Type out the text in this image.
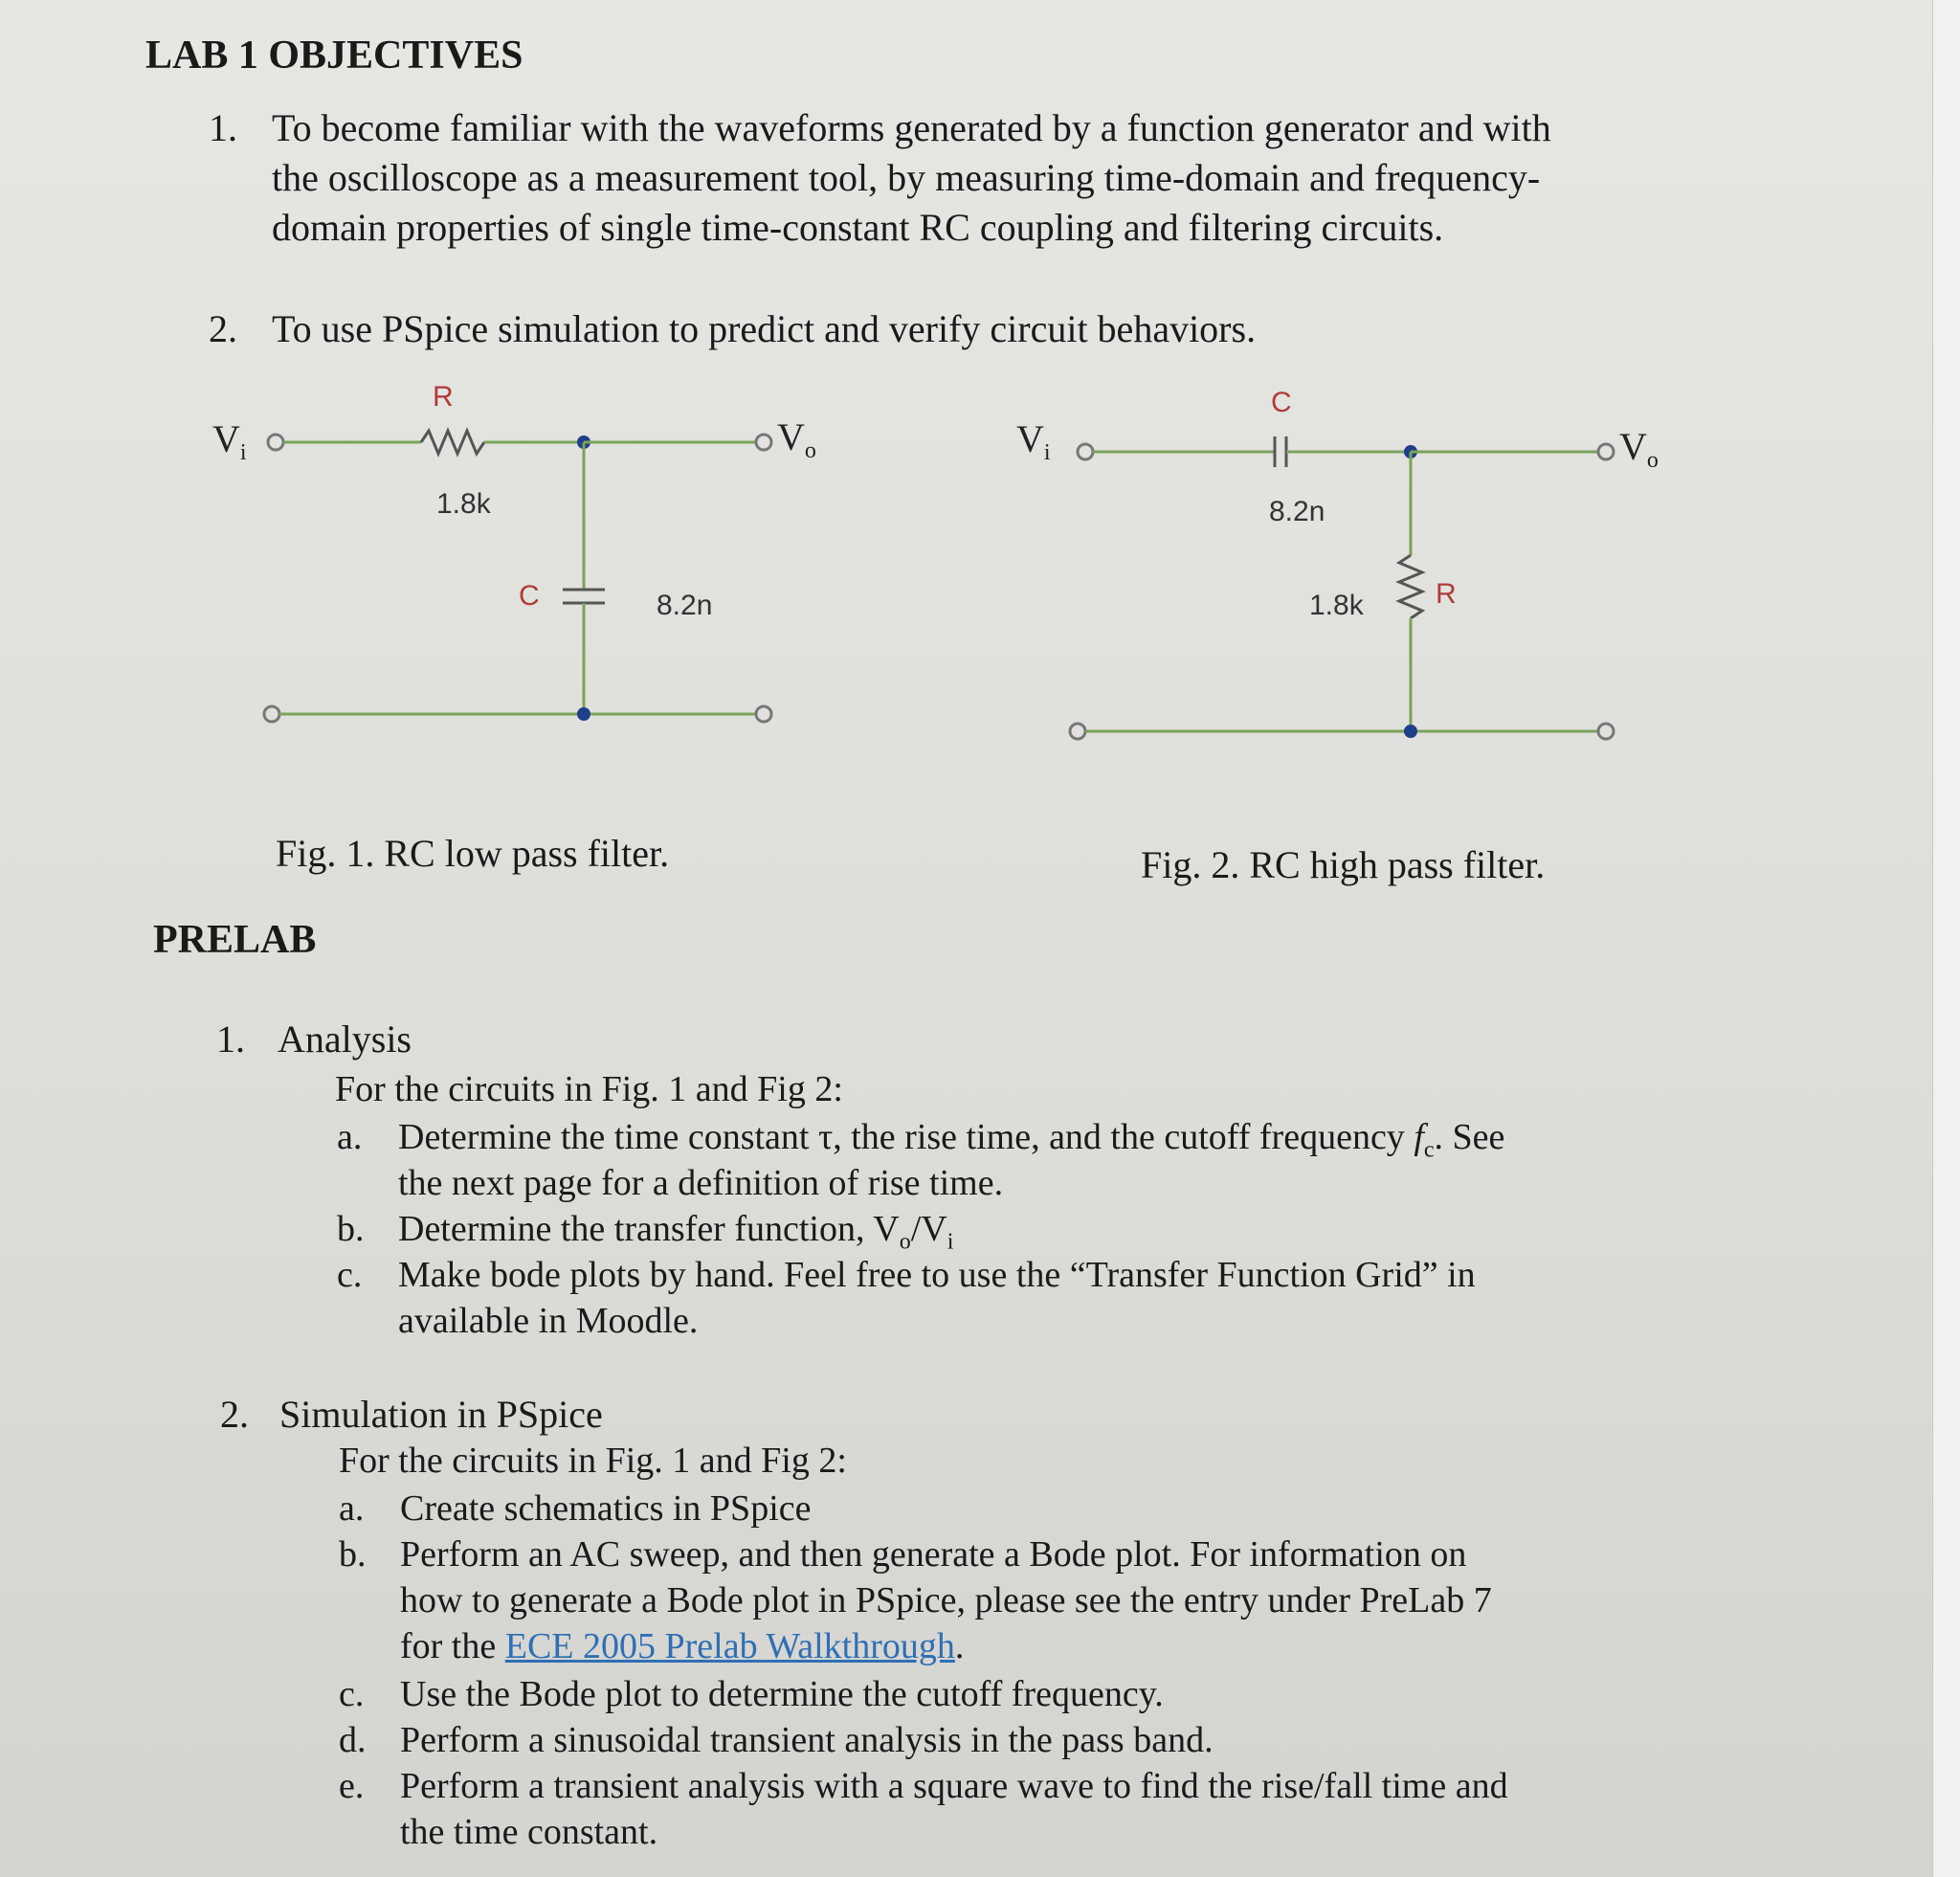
LAB 1 OBJECTIVES
1. To become familiar with the waveforms generated by a function generator and with
the oscilloscope as a measurement tool, by measuring time-domain and frequency-
domain properties of single time-constant RC coupling and filtering circuits.
2. To use PSpice simulation to predict and verify circuit behaviors.
$V_i$	$V_o$
R
1.8k
C	8.2n
$V_i$	$V_o$
C
8.2n
R
1.8k
Fig. 1. RC low pass filter.	Fig. 2. RC high pass filter.
PRELAB
1. Analysis
For the circuits in Fig. 1 and Fig 2:
a. Determine the time constant τ, the rise time, and the cutoff frequency $f_c$. See
the next page for a definition of rise time.
b. Determine the transfer function, $V_o/V_i$
c. Make bode plots by hand. Feel free to use the “Transfer Function Grid” in
available in Moodle.
2. Simulation in PSpice
For the circuits in Fig. 1 and Fig 2:
a. Create schematics in PSpice
b. Perform an AC sweep, and then generate a Bode plot. For information on
how to generate a Bode plot in PSpice, please see the entry under PreLab 7
for the ECE 2005 Prelab Walkthrough.
c. Use the Bode plot to determine the cutoff frequency.
d. Perform a sinusoidal transient analysis in the pass band.
e. Perform a transient analysis with a square wave to find the rise/fall time and
the time constant.
